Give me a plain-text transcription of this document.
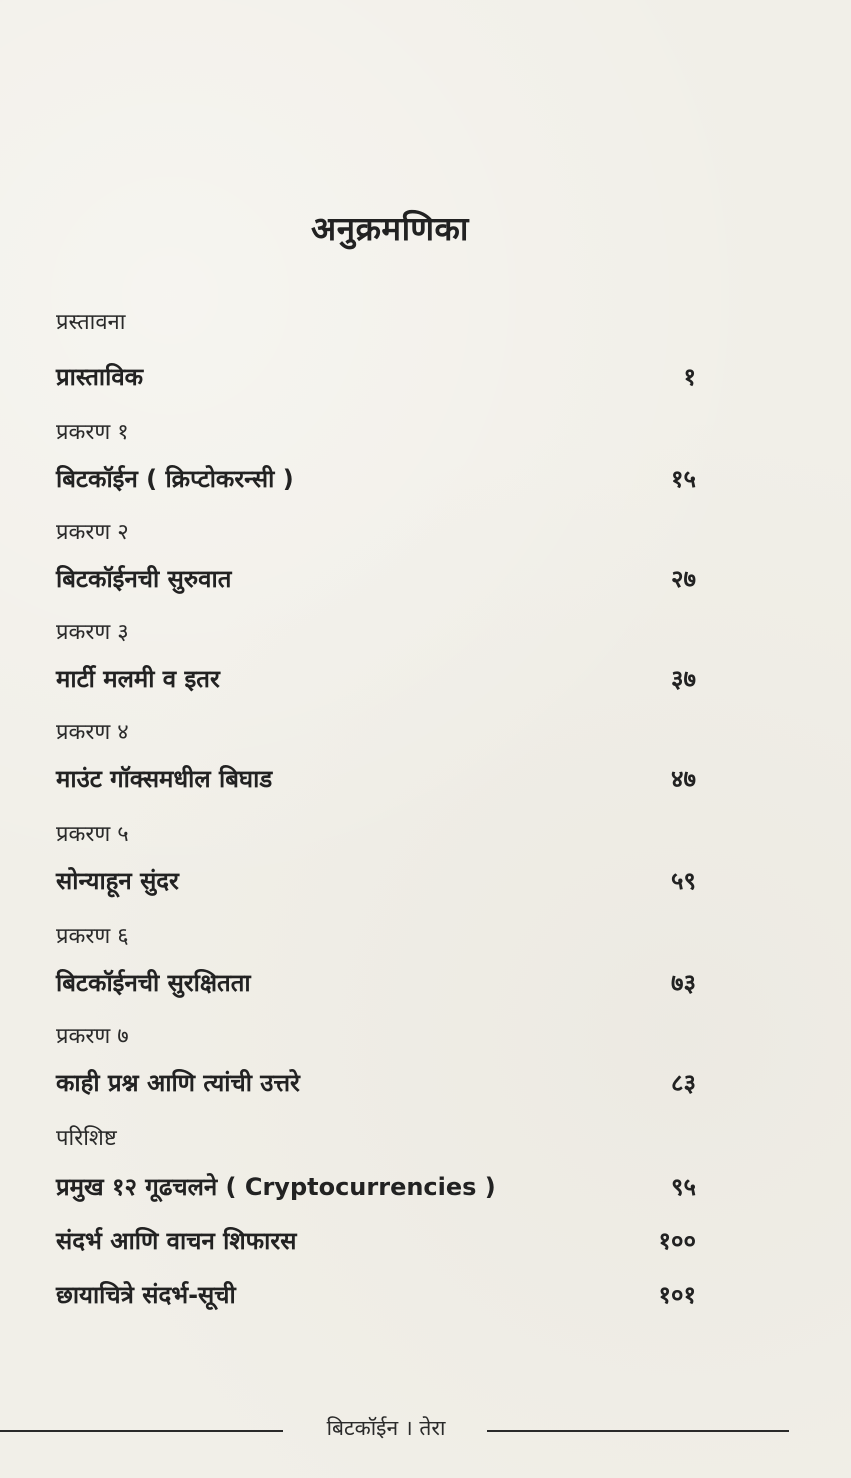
अनुक्रमणिका
प्रस्तावना
प्रास्ताविक	१
प्रकरण १
बिटकॉईन ( क्रिप्टोकरन्सी )	१५
प्रकरण २
बिटकॉईनची सुरुवात	२७
प्रकरण ३
मार्टी मलमी व इतर	३७
प्रकरण ४
माउंट गॉक्समधील बिघाड	४७
प्रकरण ५
सोन्याहून सुंदर	५९
प्रकरण ६
बिटकॉईनची सुरक्षितता	७३
प्रकरण ७
काही प्रश्न आणि त्यांची उत्तरे	८३
परिशिष्ट
प्रमुख १२ गूढचलने ( Cryptocurrencies )	९५
संदर्भ आणि वाचन शिफारस	१००
छायाचित्रे संदर्भ-सूची	१०१
बिटकॉईन । तेरा
